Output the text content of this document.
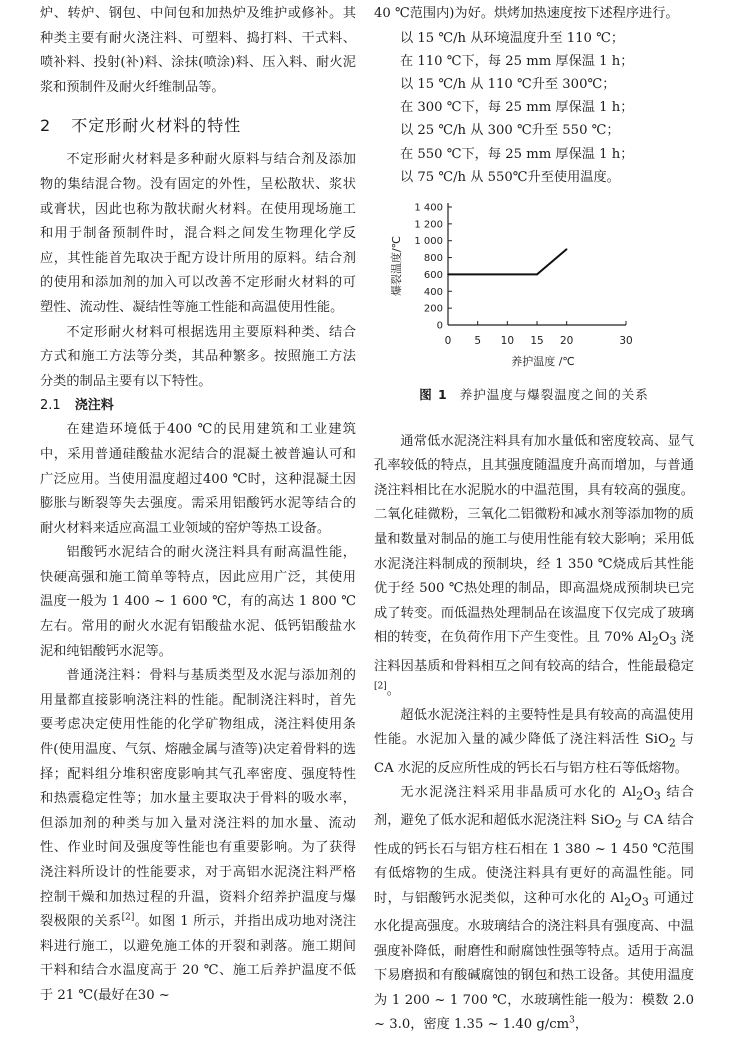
炉、转炉、钢包、中间包和加热炉及维护或修补。其种类主要有耐火浇注料、可塑料、捣打料、干式料、喷补料、投射(补)料、涂抹(喷涂)料、压入料、耐火泥浆和预制件及耐火纤维制品等。

2 不定形耐火材料的特性

不定形耐火材料是多种耐火原料与结合剂及添加物的集结混合物。没有固定的外性，呈松散状、浆状或膏状，因此也称为散状耐火材料。在使用现场施工和用于制备预制件时，混合料之间发生物理化学反应，其性能首先取决于配方设计所用的原料。结合剂的使用和添加剂的加入可以改善不定形耐火材料的可塑性、流动性、凝结性等施工性能和高温使用性能。

不定形耐火材料可根据选用主要原料种类、结合方式和施工方法等分类，其品种繁多。按照施工方法分类的制品主要有以下特性。

2.1 浇注料

在建造环境低于400 ℃的民用建筑和工业建筑中，采用普通硅酸盐水泥结合的混凝土被普遍认可和广泛应用。当使用温度超过400 ℃时，这种混凝土因膨胀与断裂等失去强度。需采用铝酸钙水泥等结合的耐火材料来适应高温工业领域的窑炉等热工设备。

铝酸钙水泥结合的耐火浇注料具有耐高温性能，快硬高强和施工简单等特点，因此应用广泛，其使用温度一般为 1 400 ~ 1 600 ℃，有的高达 1 800 ℃左右。常用的耐火水泥有铝酸盐水泥、低钙铝酸盐水泥和纯铝酸钙水泥等。

普通浇注料：骨料与基质类型及水泥与添加剂的用量都直接影响浇注料的性能。配制浇注料时，首先要考虑决定使用性能的化学矿物组成，浇注料使用条件(使用温度、气氛、熔融金属与渣等)决定着骨料的选择；配料组分堆积密度影响其气孔率密度、强度特性和热震稳定性等；加水量主要取决于骨料的吸水率，但添加剂的种类与加入量对浇注料的加水量、流动性、作业时间及强度等性能也有重要影响。为了获得浇注料所设计的性能要求，对于高铝水泥浇注料严格控制干燥和加热过程的升温，资料介绍养护温度与爆裂极限的关系[2]。如图 1 所示，并指出成功地对浇注料进行施工，以避免施工体的开裂和剥落。施工期间干料和结合水温度高于 20 ℃、施工后养护温度不低于 21 ℃(最好在30 ~

40 ℃范围内)为好。烘烤加热速度按下述程序进行。

以 15 ℃/h 从环境温度升至 110 ℃；
在 110 ℃下，每 25 mm 厚保温 1 h；
以 15 ℃/h 从 110 ℃升至 300℃；
在 300 ℃下，每 25 mm 厚保温 1 h；
以 25 ℃/h 从 300 ℃升至 550 ℃；
在 550 ℃下，每 25 mm 厚保温 1 h；
以 75 ℃/h 从 550℃升至使用温度。
0
200
400
600
800
1 000
1 200
1 400
0 5 10 15 20	30
养护温度 /℃
爆裂温度/℃
图 1 养护温度与爆裂温度之间的关系

通常低水泥浇注料具有加水量低和密度较高、显气孔率较低的特点，且其强度随温度升高而增加，与普通浇注料相比在水泥脱水的中温范围，具有较高的强度。二氧化硅微粉，三氧化二铝微粉和减水剂等添加物的质量和数量对制品的施工与使用性能有较大影响；采用低水泥浇注料制成的预制块，经 1 350 ℃烧成后其性能优于经 500 ℃热处理的制品，即高温烧成预制块已完成了转变。而低温热处理制品在该温度下仅完成了玻璃相的转变，在负荷作用下产生变性。且 70% $Al_2O_3$ 浇注料因基质和骨料相互之间有较高的结合，性能最稳定[2]。

超低水泥浇注料的主要特性是具有较高的高温使用性能。水泥加入量的减少降低了浇注料活性 SiO$_2$ 与 CA 水泥的反应所性成的钙长石与铝方柱石等低熔物。

无水泥浇注料采用非晶质可水化的 $Al_2O_3$ 结合剂，避免了低水泥和超低水泥浇注料 SiO$_2$ 与 CA 结合性成的钙长石与铝方柱石相在 1 380 ~ 1 450 ℃范围有低熔物的生成。使浇注料具有更好的高温性能。同时，与铝酸钙水泥类似，这种可水化的 $Al_2O_3$ 可通过水化提高强度。水玻璃结合的浇注料具有强度高、中温强度补降低，耐磨性和耐腐蚀性强等特点。适用于高温下易磨损和有酸碱腐蚀的钢包和热工设备。其使用温度为 1 200 ~ 1 700 ℃，水玻璃性能一般为：模数 2.0 ~ 3.0，密度 1.35 ~ 1.40 $g/cm^3$，
